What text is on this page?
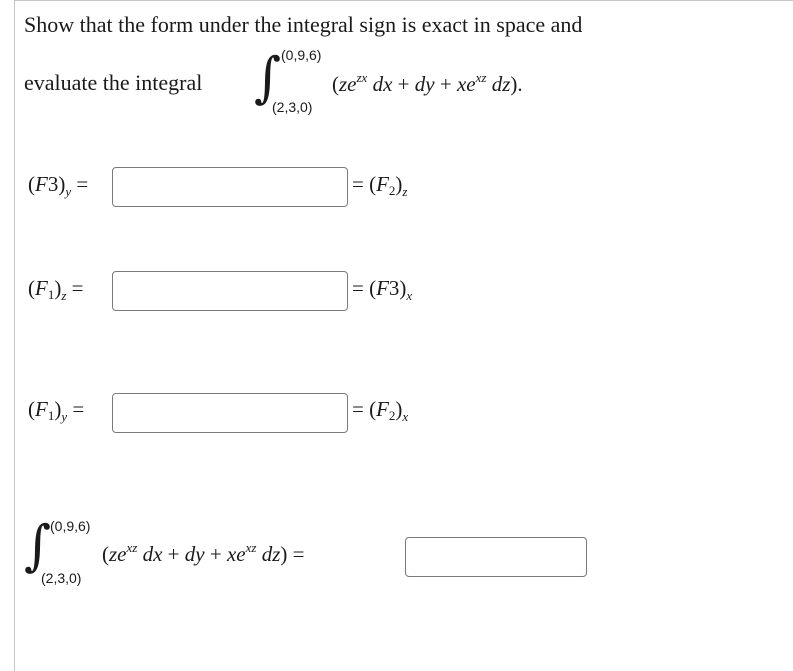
Show that the form under the integral sign is exact in space and
evaluate the integral ∫ (0,9,6)
(2,3,0)
($ze^{zx}$ dx + dy + $xe^{xz}$ dz).
$(F3)_y$ =	= $(F_2)_z$
$(F_1)_z$ =	= $(F3)_x$
$(F_1)_y$ =	= $(F_2)_x$
∫
(0,9,6)
(2,3,0)
($ze^{xz}$ dx + dy + $xe^{xz}$ dz) =
